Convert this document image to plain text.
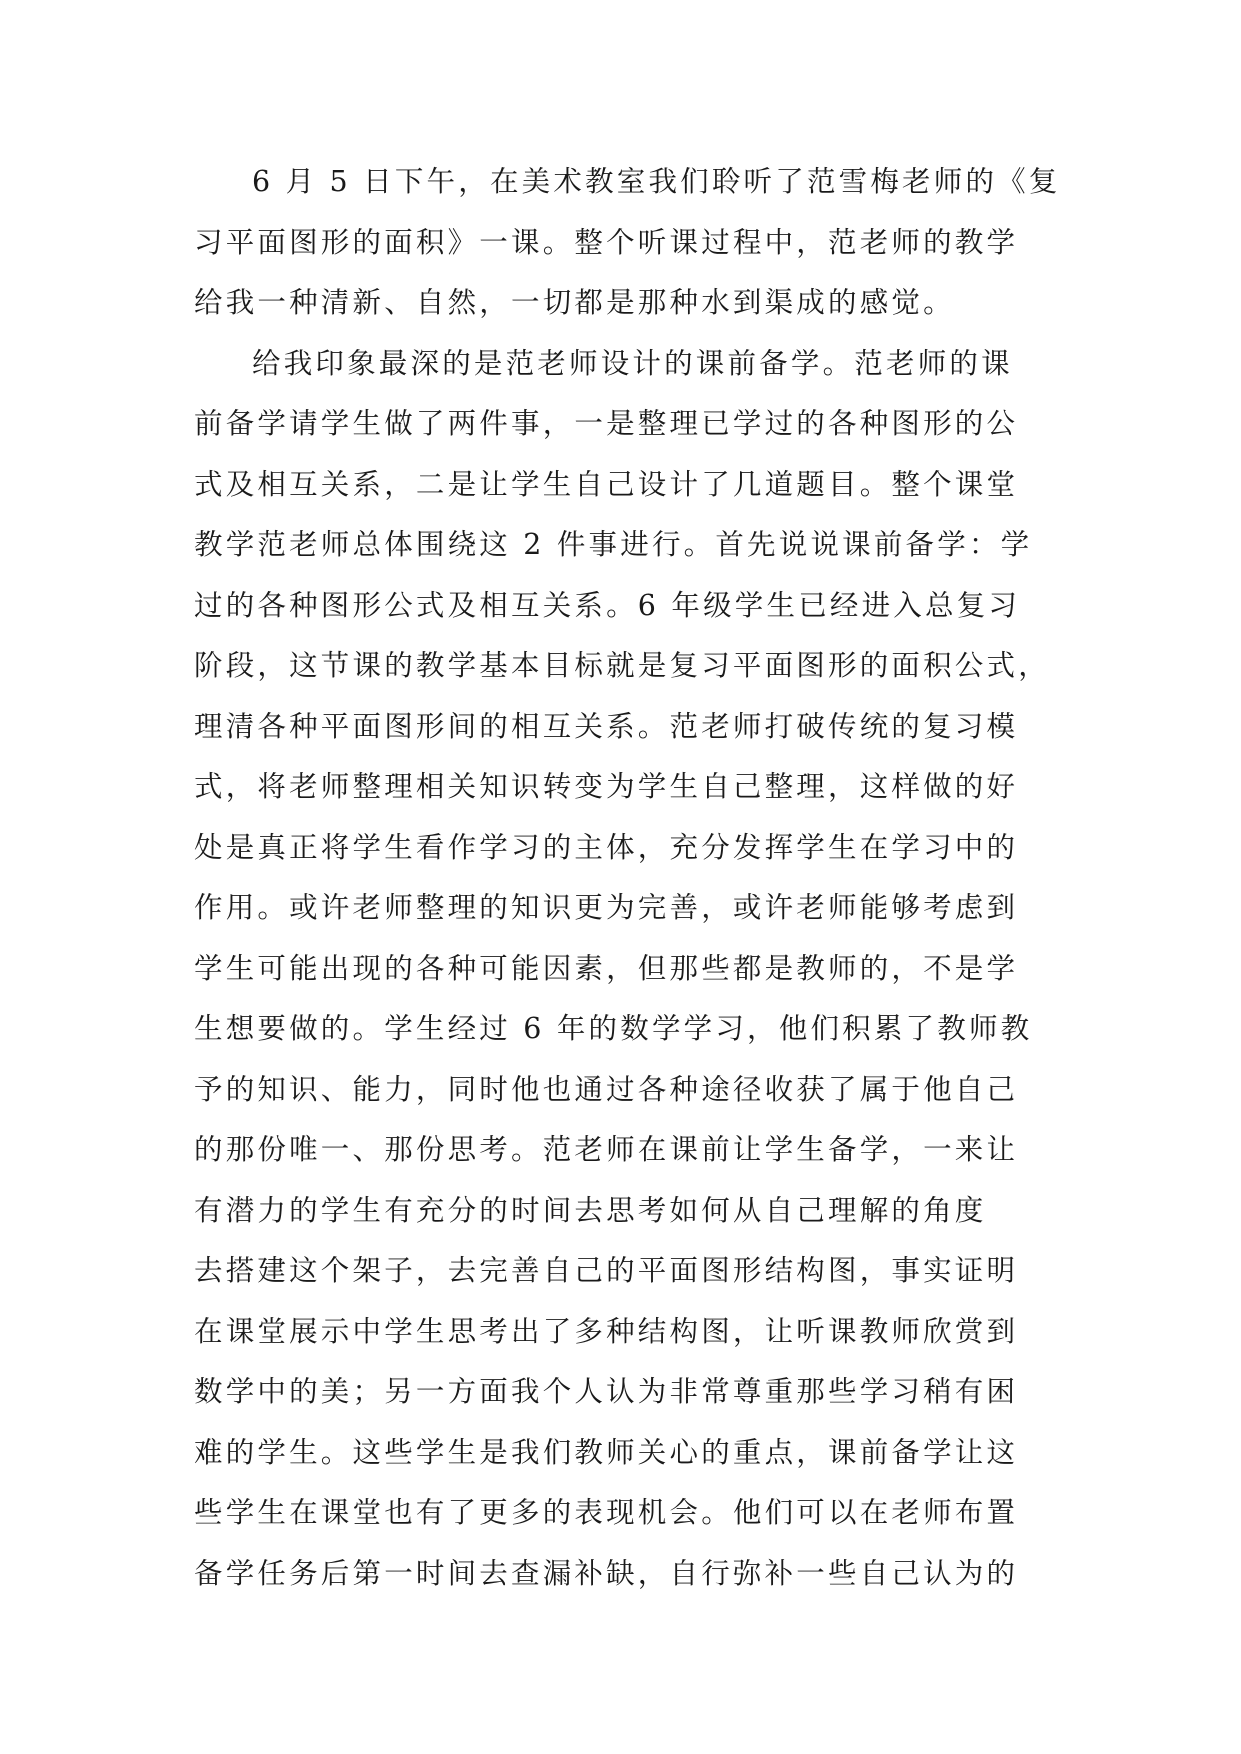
6 月 5 日下午，在美术教室我们聆听了范雪梅老师的《复
习平面图形的面积》一课。整个听课过程中，范老师的教学
给我一种清新、自然，一切都是那种水到渠成的感觉。
给我印象最深的是范老师设计的课前备学。范老师的课
前备学请学生做了两件事，一是整理已学过的各种图形的公
式及相互关系，二是让学生自己设计了几道题目。整个课堂
教学范老师总体围绕这 2 件事进行。首先说说课前备学：学
过的各种图形公式及相互关系。6 年级学生已经进入总复习
阶段，这节课的教学基本目标就是复习平面图形的面积公式，
理清各种平面图形间的相互关系。范老师打破传统的复习模
式，将老师整理相关知识转变为学生自己整理，这样做的好
处是真正将学生看作学习的主体，充分发挥学生在学习中的
作用。或许老师整理的知识更为完善，或许老师能够考虑到
学生可能出现的各种可能因素，但那些都是教师的，不是学
生想要做的。学生经过 6 年的数学学习，他们积累了教师教
予的知识、能力，同时他也通过各种途径收获了属于他自己
的那份唯一、那份思考。范老师在课前让学生备学，一来让
有潜力的学生有充分的时间去思考如何从自己理解的角度
去搭建这个架子，去完善自己的平面图形结构图，事实证明
在课堂展示中学生思考出了多种结构图，让听课教师欣赏到
数学中的美；另一方面我个人认为非常尊重那些学习稍有困
难的学生。这些学生是我们教师关心的重点，课前备学让这
些学生在课堂也有了更多的表现机会。他们可以在老师布置
备学任务后第一时间去查漏补缺，自行弥补一些自己认为的
